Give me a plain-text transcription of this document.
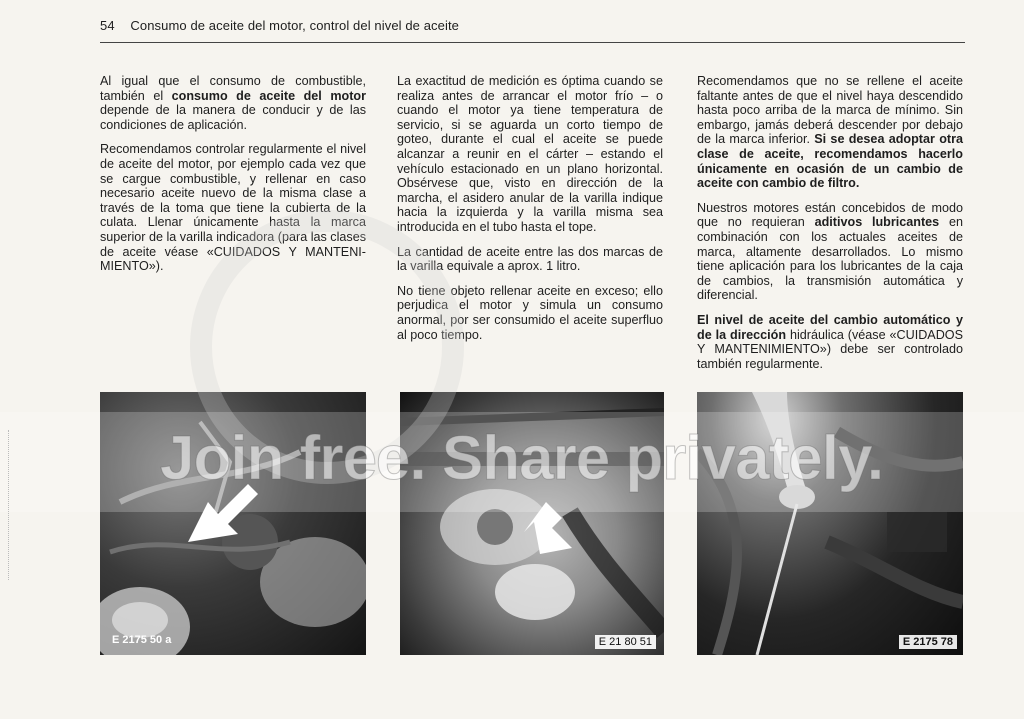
54 Consumo de aceite del motor, control del nivel de aceite

Al igual que el consumo de combustible, también el consumo de aceite del motor depende de la manera de conducir y de las condiciones de aplicación.

Recomendamos controlar regularmente el nivel de aceite del motor, por ejemplo cada vez que se cargue combustible, y rellenar en caso necesario aceite nuevo de la misma clase a través de la toma que tiene la cubierta de la culata. Llenar únicamente hasta la marca superior de la varilla indicadora (para las clases de aceite véase «CUIDADOS Y MANTENI-MIENTO»).

La exactitud de medición es óptima cuando se realiza antes de arrancar el motor frío – o cuando el motor ya tiene temperatura de servicio, si se aguarda un corto tiempo de goteo, durante el cual el aceite se puede alcanzar a reunir en el cárter – estando el vehículo estacionado en un plano horizontal. Obsérvese que, visto en dirección de la marcha, el asidero anular de la varilla indique hacia la izquierda y la varilla misma sea introducida en el tubo hasta el tope.

La cantidad de aceite entre las dos marcas de la varilla equivale a aprox. 1 litro.

No tiene objeto rellenar aceite en exceso; ello perjudica el motor y simula un consumo anormal, por ser consumido el aceite superfluo al poco tiempo.

Recomendamos que no se rellene el aceite faltante antes de que el nivel haya descendido hasta poco arriba de la marca de mínimo. Sin embargo, jamás deberá descender por debajo de la marca inferior. Si se desea adoptar otra clase de aceite, recomendamos hacerlo únicamente en ocasión de un cambio de aceite con cambio de filtro.

Nuestros motores están concebidos de modo que no requieran aditivos lubricantes en combinación con los actuales aceites de marca, altamente desarrollados. Lo mismo tiene aplicación para los lubricantes de la caja de cambios, la transmisión automática y diferencial.

El nivel de aceite del cambio automático y de la dirección hidráulica (véase «CUIDADOS Y MANTENIMIENTO») debe ser controlado también regularmente.

E 2175 50 a	E 21 80 51	E 2175 78
Join free. Share privately.
